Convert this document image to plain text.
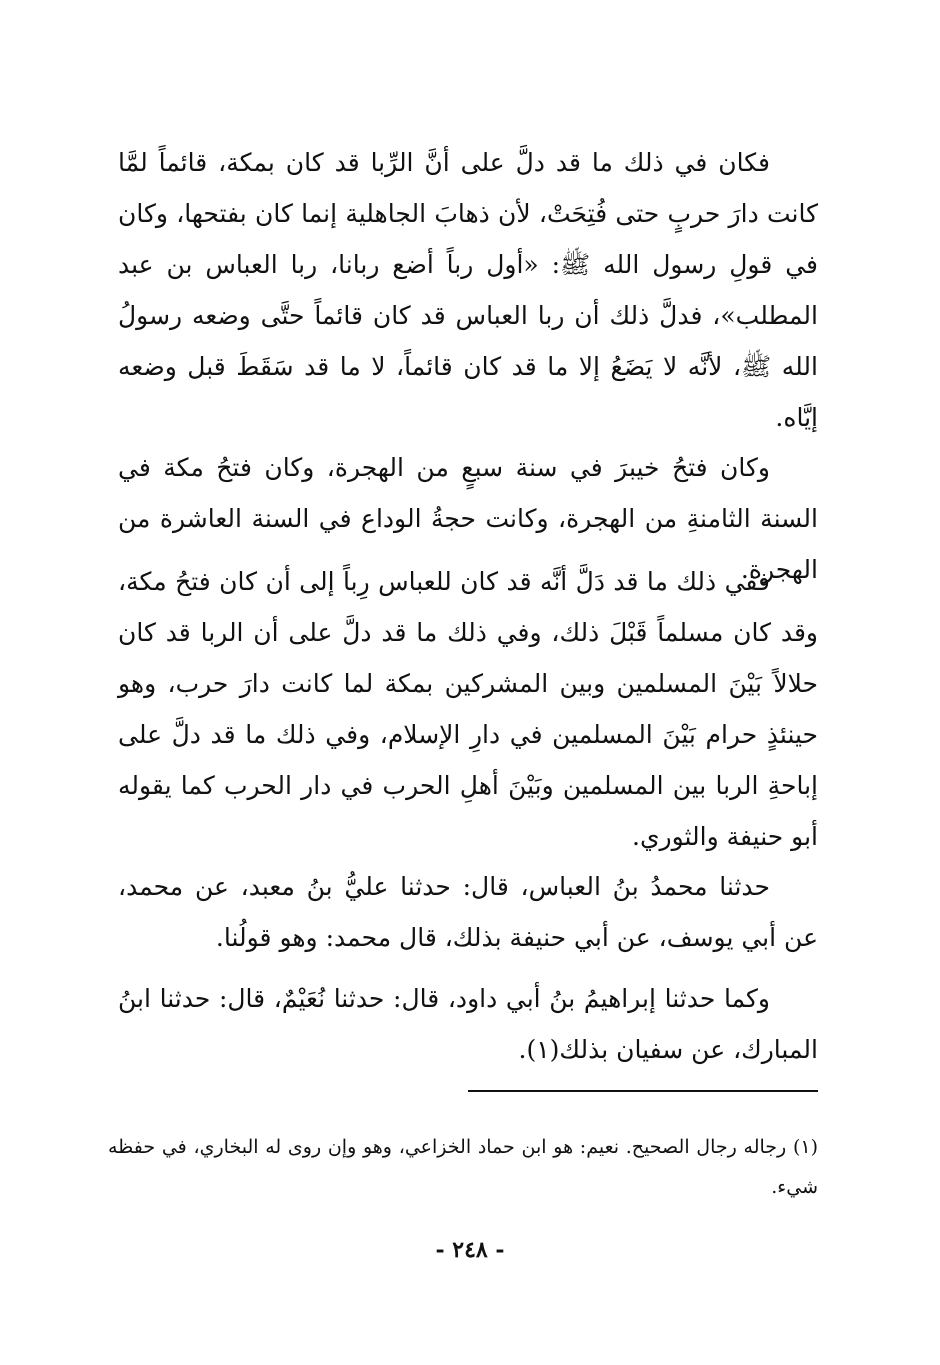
فكان في ذلك ما قد دلَّ على أنَّ الرِّبا قد كان بمكة، قائماً لمَّا كانت دارَ حربٍ حتى فُتِحَتْ، لأن ذهابَ الجاهلية إنما كان بفتحها، وكان في قولِ رسول الله ﷺ: «أول رباً أضع ربانا، ربا العباس بن عبد المطلب»، فدلَّ ذلك أن ربا العباس قد كان قائماً حتَّى وضعه رسولُ الله ﷺ، لأنَّه لا يَضَعُ إلا ما قد كان قائماً، لا ما قد سَقَطَ قبل وضعه إيَّاه.

وكان فتحُ خيبرَ في سنة سبعٍ من الهجرة، وكان فتحُ مكة في السنة الثامنةِ من الهجرة، وكانت حجةُ الوداع في السنة العاشرة من الهجرة.

ففي ذلك ما قد دَلَّ أنَّه قد كان للعباس رِباً إلى أن كان فتحُ مكة، وقد كان مسلماً قَبْلَ ذلك، وفي ذلك ما قد دلَّ على أن الربا قد كان حلالاً بَيْنَ المسلمين وبين المشركين بمكة لما كانت دارَ حرب، وهو حينئذٍ حرام بَيْنَ المسلمين في دارِ الإسلام، وفي ذلك ما قد دلَّ على إباحةِ الربا بين المسلمين وبَيْنَ أهلِ الحرب في دار الحرب كما يقوله أبو حنيفة والثوري.

حدثنا محمدُ بنُ العباس، قال: حدثنا عليُّ بنُ معبد، عن محمد، عن أبي يوسف، عن أبي حنيفة بذلك، قال محمد: وهو قولُنا.

وكما حدثنا إبراهيمُ بنُ أبي داود، قال: حدثنا نُعَيْمٌ، قال: حدثنا ابنُ المبارك، عن سفيان بذلك(١).

(١) رجاله رجال الصحيح. نعيم: هو ابن حماد الخزاعي، وهو وإن روى له البخاري، في حفظه شيء.
- ٢٤٨ -
